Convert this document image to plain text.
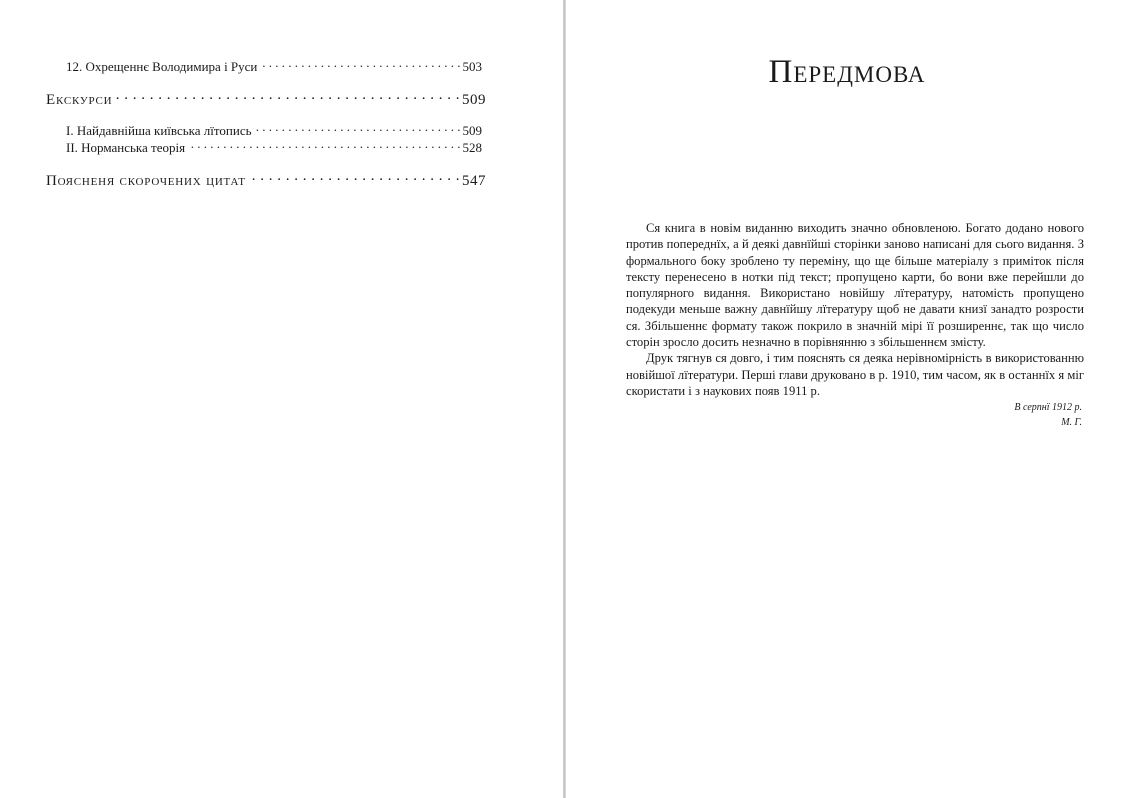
12. Охрещеннє Володимира і Руси . . .	503
Екскурси . . .	509
I. Найдавнійша київська лїтопись . . .	509
II. Норманська теорія . . .	528
Поясненя скорочених цитат . . .	547
Передмова

Ся книга в новім виданню виходить значно обновленою. Богато додано нового против попереднїх, а й деякі давнїйші сторінки заново написані для сього видання. З формального боку зроблено ту переміну, що ще більше матеріалу з приміток після тексту перенесено в нотки під текст; пропущено карти, бо вони вже перейшли до популярного видання. Використано новійшу лїтературу, натомість пропущено подекуди меньше важну давнїйшу лїтературу щоб не давати книзї занадто розрости ся. Збільшеннє формату також покрило в значній мірі її розширеннє, так що число сторін зросло досить незначно в порівнянню з збільшеннєм змісту.

Друк тягнув ся довго, і тим пояснять ся деяка нерівномірність в використованню новійшої лїтератури. Перші глави друковано в р. 1910, тим часом, як в останнїх я міг скористати і з наукових появ 1911 р.

В серпнї 1912 р.
М. Г.
